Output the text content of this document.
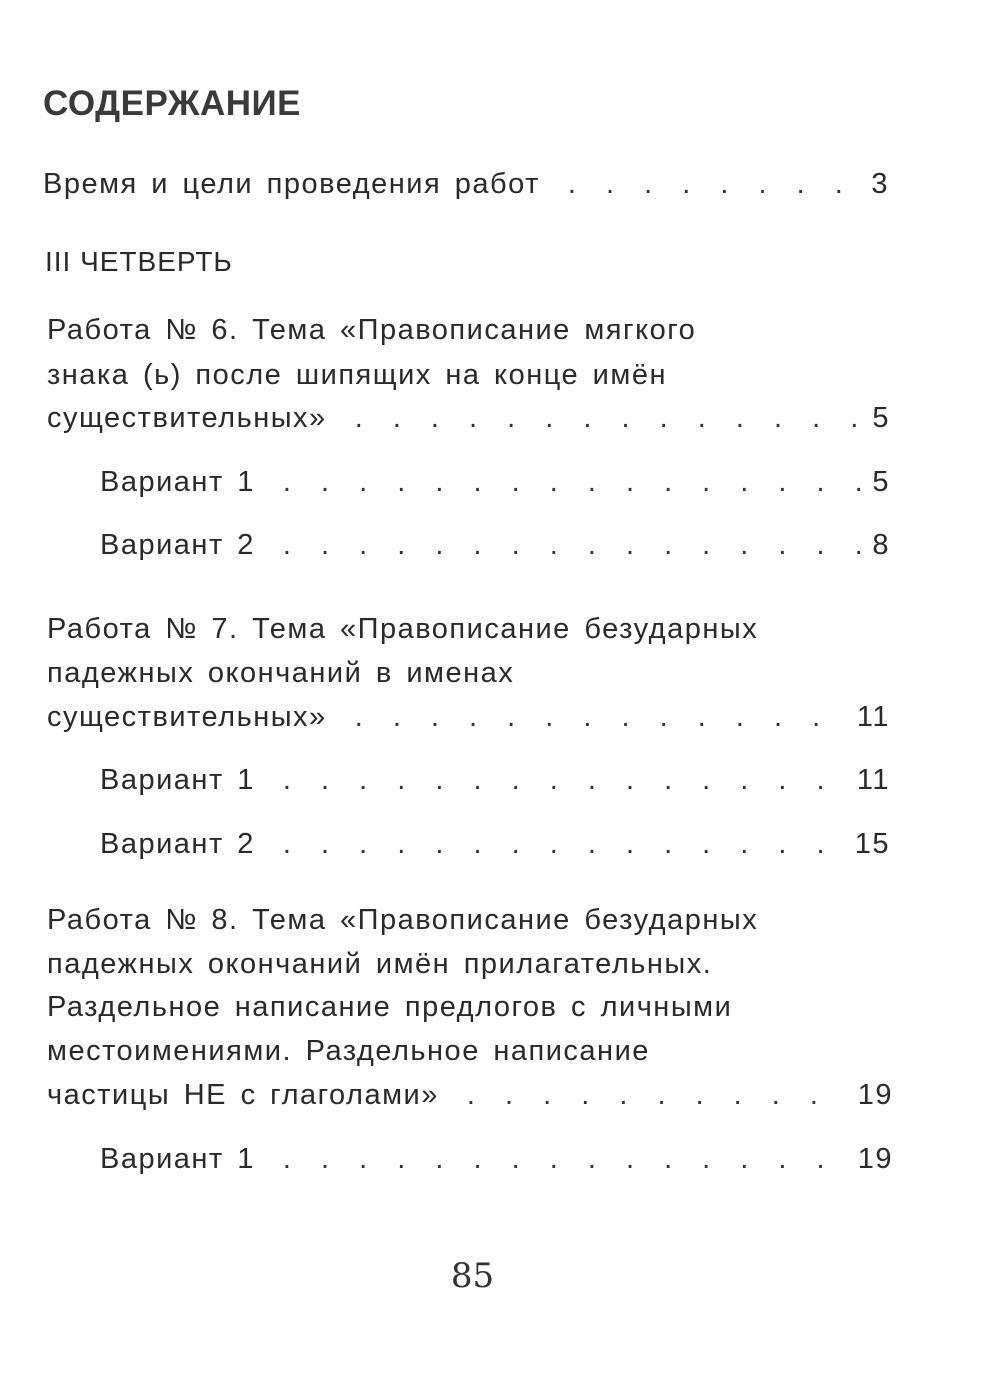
СОДЕРЖАНИЕ
Время и цели проведения работ . . .	3
III ЧЕТВЕРТЬ
Работа № 6. Тема «Правописание мягкого
знака (ь) после шипящих на конце имён
существительных» . . .	5
Вариант 1 . . .	5
Вариант 2 . . .	8
Работа № 7. Тема «Правописание безударных
падежных окончаний в именах
существительных» . . .	11
Вариант 1 . . .	11
Вариант 2 . . .	15
Работа № 8. Тема «Правописание безударных
падежных окончаний имён прилагательных.
Раздельное написание предлогов с личными
местоимениями. Раздельное написание
частицы НЕ с глаголами» . . .	19
Вариант 1 . . .	19
85
